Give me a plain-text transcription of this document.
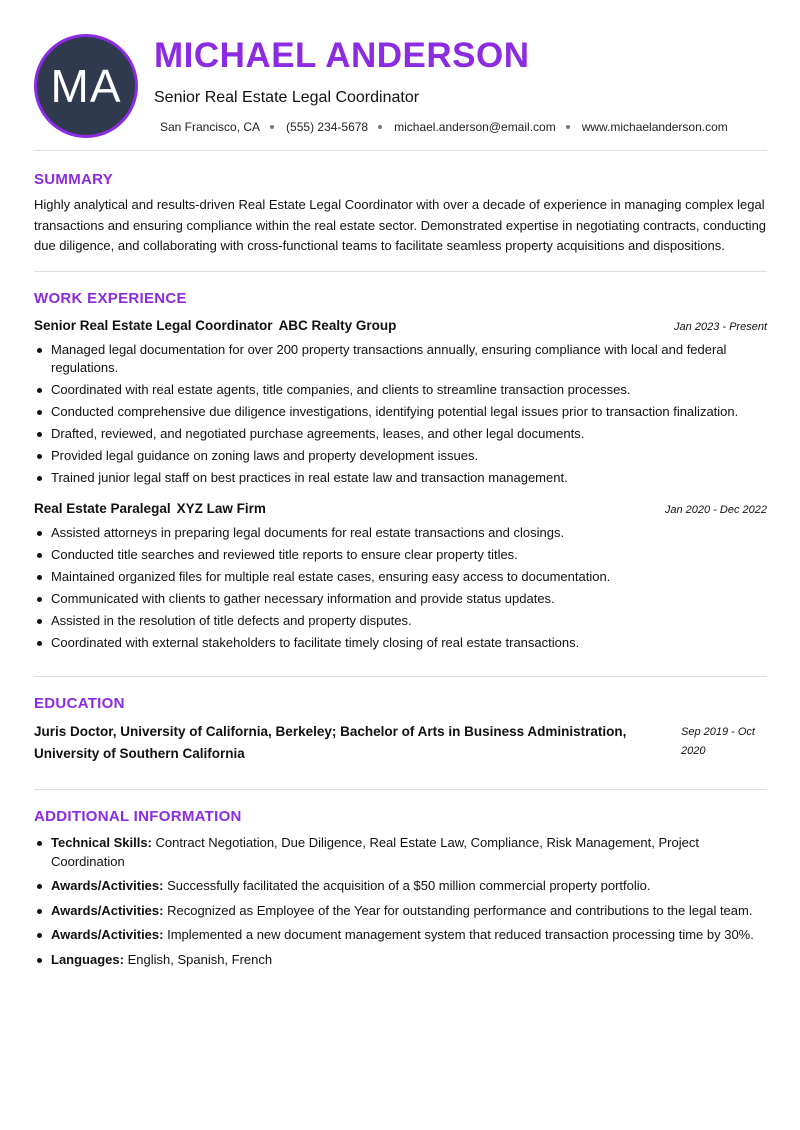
MA
MICHAEL ANDERSON
Senior Real Estate Legal Coordinator
San Francisco, CA (555) 234-5678 michael.anderson@email.com www.michaelanderson.com
SUMMARY
Highly analytical and results-driven Real Estate Legal Coordinator with over a decade of experience in managing complex legal transactions and ensuring compliance within the real estate sector. Demonstrated expertise in negotiating contracts, conducting due diligence, and collaborating with cross-functional teams to facilitate seamless property acquisitions and dispositions.
WORK EXPERIENCE
Senior Real Estate Legal Coordinator ABC Realty Group	Jan 2023 - Present
Managed legal documentation for over 200 property transactions annually, ensuring compliance with local and federal regulations.
Coordinated with real estate agents, title companies, and clients to streamline transaction processes.
Conducted comprehensive due diligence investigations, identifying potential legal issues prior to transaction finalization.
Drafted, reviewed, and negotiated purchase agreements, leases, and other legal documents.
Provided legal guidance on zoning laws and property development issues.
Trained junior legal staff on best practices in real estate law and transaction management.
Real Estate Paralegal XYZ Law Firm	Jan 2020 - Dec 2022
Assisted attorneys in preparing legal documents for real estate transactions and closings.
Conducted title searches and reviewed title reports to ensure clear property titles.
Maintained organized files for multiple real estate cases, ensuring easy access to documentation.
Communicated with clients to gather necessary information and provide status updates.
Assisted in the resolution of title defects and property disputes.
Coordinated with external stakeholders to facilitate timely closing of real estate transactions.
EDUCATION
Juris Doctor, University of California, Berkeley; Bachelor of Arts in Business Administration, University of Southern California
Sep 2019 - Oct 2020
ADDITIONAL INFORMATION
Technical Skills: Contract Negotiation, Due Diligence, Real Estate Law, Compliance, Risk Management, Project Coordination
Awards/Activities: Successfully facilitated the acquisition of a $50 million commercial property portfolio.
Awards/Activities: Recognized as Employee of the Year for outstanding performance and contributions to the legal team.
Awards/Activities: Implemented a new document management system that reduced transaction processing time by 30%.
Languages: English, Spanish, French
